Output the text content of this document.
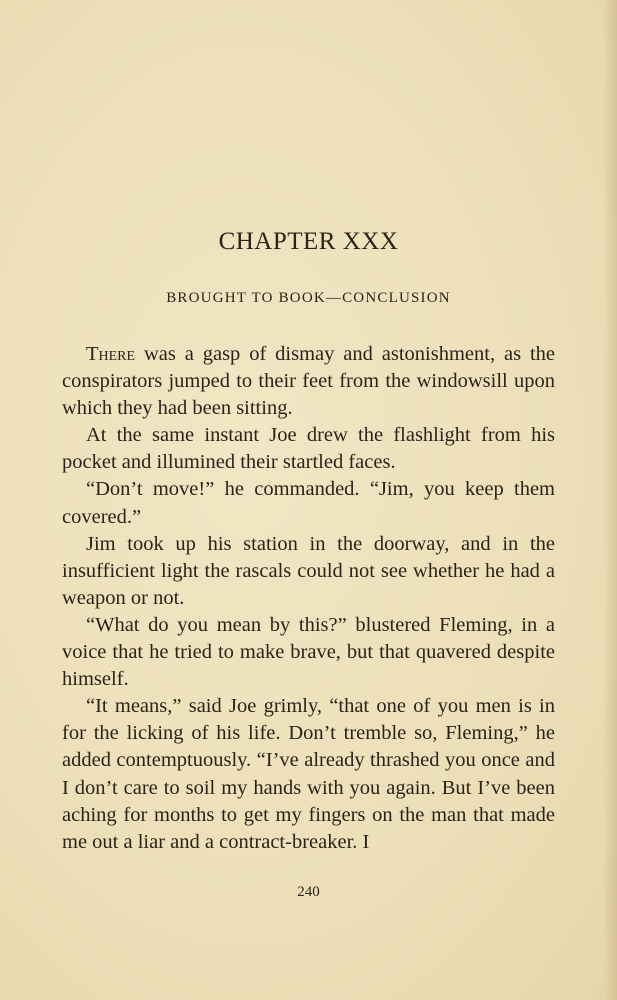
CHAPTER XXX
BROUGHT TO BOOK—CONCLUSION

There was a gasp of dismay and astonishment, as the conspirators jumped to their feet from the windowsill upon which they had been sitting.

At the same instant Joe drew the flashlight from his pocket and illumined their startled faces.

“Don’t move!” he commanded. “Jim, you keep them covered.”

Jim took up his station in the doorway, and in the insufficient light the rascals could not see whether he had a weapon or not.

“What do you mean by this?” blustered Fleming, in a voice that he tried to make brave, but that quavered despite himself.

“It means,” said Joe grimly, “that one of you men is in for the licking of his life. Don’t tremble so, Fleming,” he added contemptuously. “I’ve already thrashed you once and I don’t care to soil my hands with you again. But I’ve been aching for months to get my fingers on the man that made me out a liar and a contract-breaker. I

240
